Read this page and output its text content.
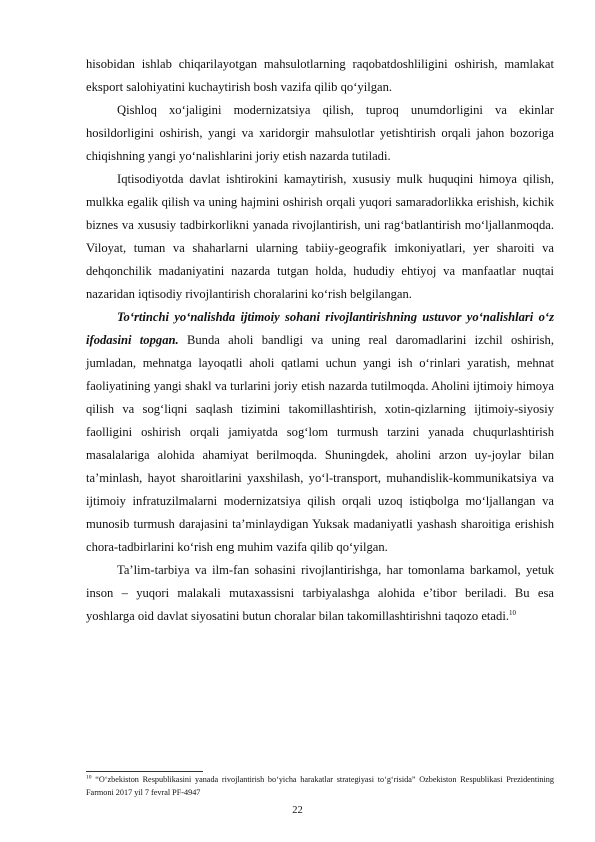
hisobidan ishlab chiqarilayotgan mahsulotlarning raqobatdoshliligini oshirish, mamlakat eksport salohiyatini kuchaytirish bosh vazifa qilib qo‘yilgan.

Qishloq xo‘jaligini modernizatsiya qilish, tuproq unumdorligini va ekinlar hosildorligini oshirish, yangi va xaridorgir mahsulotlar yetishtirish orqali jahon bozoriga chiqishning yangi yo‘nalishlarini joriy etish nazarda tutiladi.

Iqtisodiyotda davlat ishtirokini kamaytirish, xususiy mulk huquqini himoya qilish, mulkka egalik qilish va uning hajmini oshirish orqali yuqori samaradorlikka erishish, kichik biznes va xususiy tadbirkorlikni yanada rivojlantirish, uni rag‘batlantirish mo‘ljallanmoqda. Viloyat, tuman va shaharlarni ularning tabiiy-geografik imkoniyatlari, yer sharoiti va dehqonchilik madaniyatini nazarda tutgan holda, hududiy ehtiyoj va manfaatlar nuqtai nazaridan iqtisodiy rivojlantirish choralarini ko‘rish belgilangan.

To‘rtinchi yo‘nalishda ijtimoiy sohani rivojlantirishning ustuvor yo‘nalishlari o‘z ifodasini topgan. Bunda aholi bandligi va uning real daromadlarini izchil oshirish, jumladan, mehnatga layoqatli aholi qatlami uchun yangi ish o‘rinlari yaratish, mehnat faoliyatining yangi shakl va turlarini joriy etish nazarda tutilmoqda. Aholini ijtimoiy himoya qilish va sog‘liqni saqlash tizimini takomillashtirish, xotin-qizlarning ijtimoiy-siyosiy faolligini oshirish orqali jamiyatda sog‘lom turmush tarzini yanada chuqurlashtirish masalalariga alohida ahamiyat berilmoqda. Shuningdek, aholini arzon uy-joylar bilan ta’minlash, hayot sharoitlarini yaxshilash, yo‘l-transport, muhandislik-kommunikatsiya va ijtimoiy infratuzilmalarni modernizatsiya qilish orqali uzoq istiqbolga mo‘ljallangan va munosib turmush darajasini ta’minlaydigan Yuksak madaniyatli yashash sharoitiga erishish chora-tadbirlarini ko‘rish eng muhim vazifa qilib qo‘yilgan.

Ta’lim-tarbiya va ilm-fan sohasini rivojlantirishga, har tomonlama barkamol, yetuk inson – yuqori malakali mutaxassisni tarbiyalashga alohida e’tibor beriladi. Bu esa yoshlarga oid davlat siyosatini butun choralar bilan takomillashtirishni taqozo etadi.$^{10}$

$^{10}$ “O‘zbekiston Respublikasini yanada rivojlantirish bo‘yicha harakatlar strategiyasi to‘g‘risida” Ozbekiston Respublikasi Prezidentining Farmoni 2017 yil 7 fevral PF-4947
22
